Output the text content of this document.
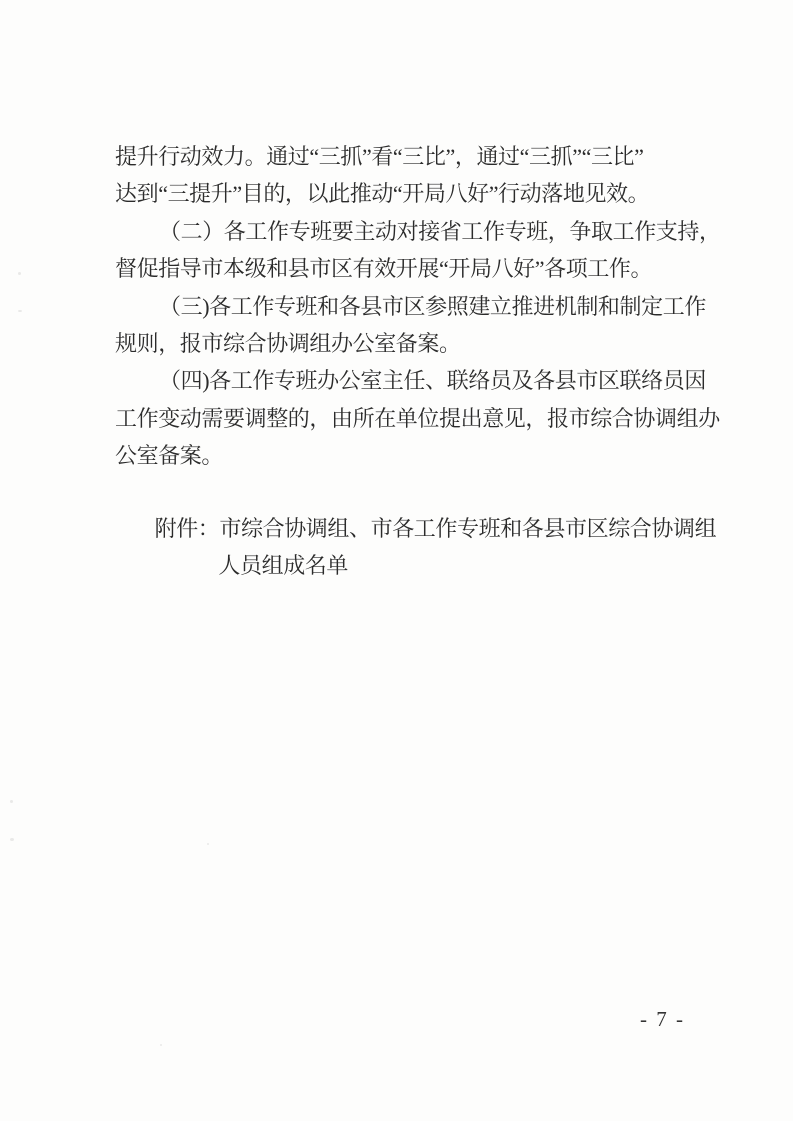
提升行动效力。通过“三抓”看“三比”，通过“三抓”“三比”
达到“三提升”目的，以此推动“开局八好”行动落地见效。
（二）各工作专班要主动对接省工作专班，争取工作支持，
督促指导市本级和县市区有效开展“开局八好”各项工作。
（三)各工作专班和各县市区参照建立推进机制和制定工作
规则，报市综合协调组办公室备案。
（四)各工作专班办公室主任、联络员及各县市区联络员因
工作变动需要调整的，由所在单位提出意见，报市综合协调组办
公室备案。
附件：市综合协调组、市各工作专班和各县市区综合协调组
人员组成名单
- 7 -
